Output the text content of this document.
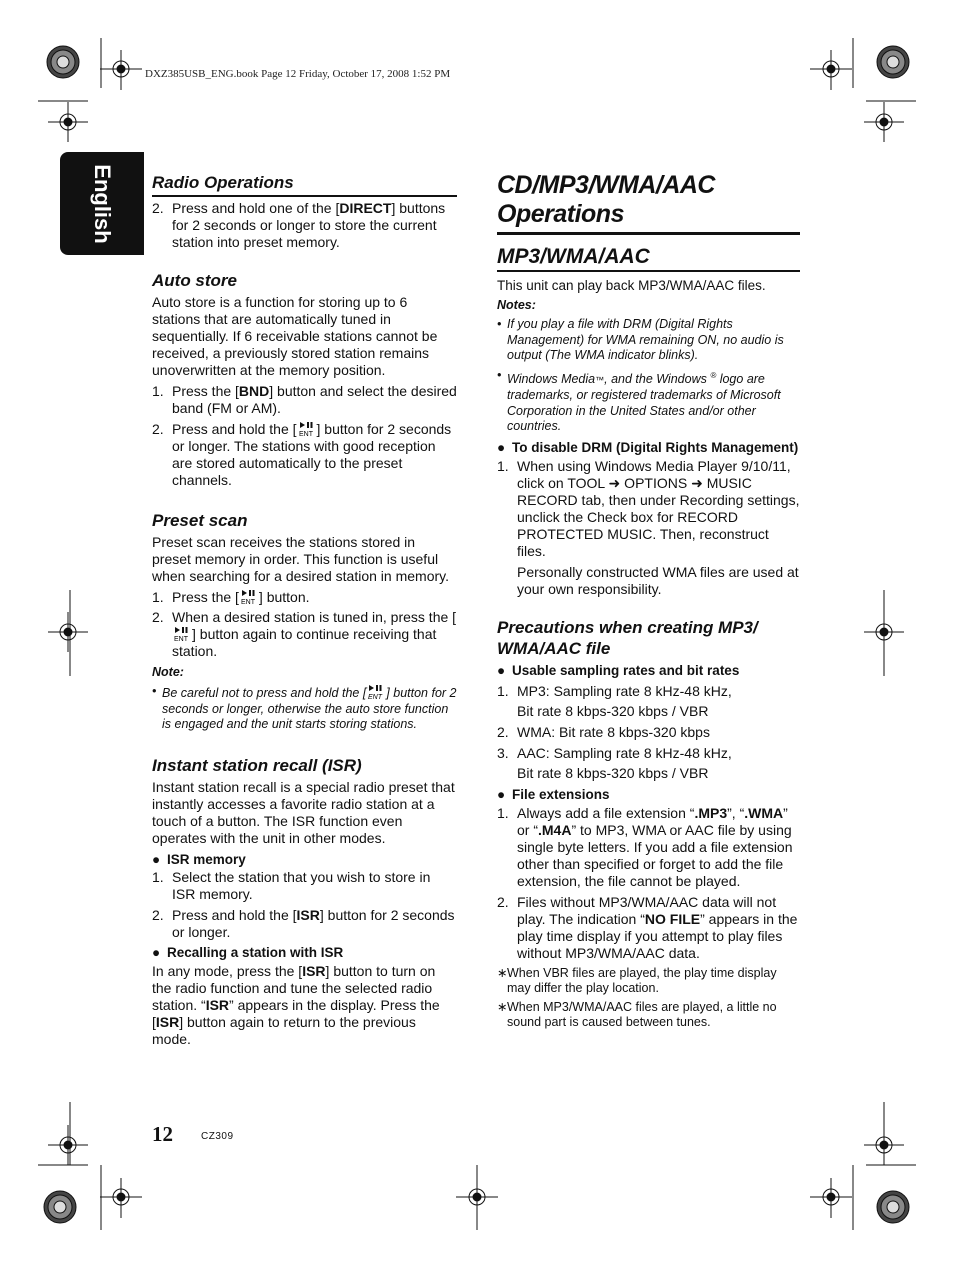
DXZ385USB_ENG.book Page 12 Friday, October 17, 2008 1:52 PM
English Radio Operations
2. Press and hold one of the [DIRECT] buttons for 2 seconds or longer to store the current station into preset memory.
Auto store

Auto store is a function for storing up to 6 stations that are automatically tuned in sequentially. If 6 receivable stations cannot be received, a previously stored station remains unoverwritten at the memory position.

1. Press the [BND] button and select the desired band (FM or AM).
2. Press and hold the [ ENT ] button for 2 seconds or longer. The stations with good reception are stored automatically to the preset channels.
Preset scan

Preset scan receives the stations stored in preset memory in order. This function is useful when searching for a desired station in memory.

1. Press the [ ENT ] button.
2. When a desired station is tuned in, press the [
ENT ] button again to continue receiving that station.
Note:
• Be careful not to press and hold the [ ENT ] button for 2 seconds or longer, otherwise the auto store function is engaged and the unit starts storing stations.
Instant station recall (ISR)

Instant station recall is a special radio preset that instantly accesses a favorite radio station at a touch of a button. The ISR function even operates with the unit in other modes.

● ISR memory
1. Select the station that you wish to store in ISR memory.
2. Press and hold the [ISR] button for 2 seconds or longer.
● Recalling a station with ISR

In any mode, press the [ISR] button to turn on the radio function and tune the selected radio station. “ISR” appears in the display. Press the [ISR] button again to return to the previous mode.

CD/MP3/WMA/AAC
Operations
MP3/WMA/AAC

This unit can play back MP3/WMA/AAC files.

Notes:
• If you play a file with DRM (Digital Rights Management) for WMA remaining ON, no audio is output (The WMA indicator blinks).
• Windows Media™, and the Windows ® logo are trademarks, or registered trademarks of Microsoft Corporation in the United States and/or other countries.
● To disable DRM (Digital Rights Management)
1. When using Windows Media Player 9/10/11, click on TOOL ➜ OPTIONS ➜ MUSIC RECORD tab, then under Recording settings, unclick the Check box for RECORD PROTECTED MUSIC. Then, reconstruct files.

Personally constructed WMA files are used at your own responsibility.

Precautions when creating MP3/ WMA/AAC file
● Usable sampling rates and bit rates
1. MP3: Sampling rate 8 kHz-48 kHz,
Bit rate 8 kbps-320 kbps / VBR
2. WMA: Bit rate 8 kbps-320 kbps
3. AAC: Sampling rate 8 kHz-48 kHz,
Bit rate 8 kbps-320 kbps / VBR
● File extensions
1. Always add a file extension “.MP3”, “.WMA” or “.M4A” to MP3, WMA or AAC file by using single byte letters. If you add a file extension other than specified or forget to add the file extension, the file cannot be played.
2. Files without MP3/WMA/AAC data will not play. The indication “NO FILE” appears in the play time display if you attempt to play files without MP3/WMA/AAC data.
∗ When VBR files are played, the play time display may differ the play location.
∗ When MP3/WMA/AAC files are played, a little no sound part is caused between tunes.
12	CZ309
